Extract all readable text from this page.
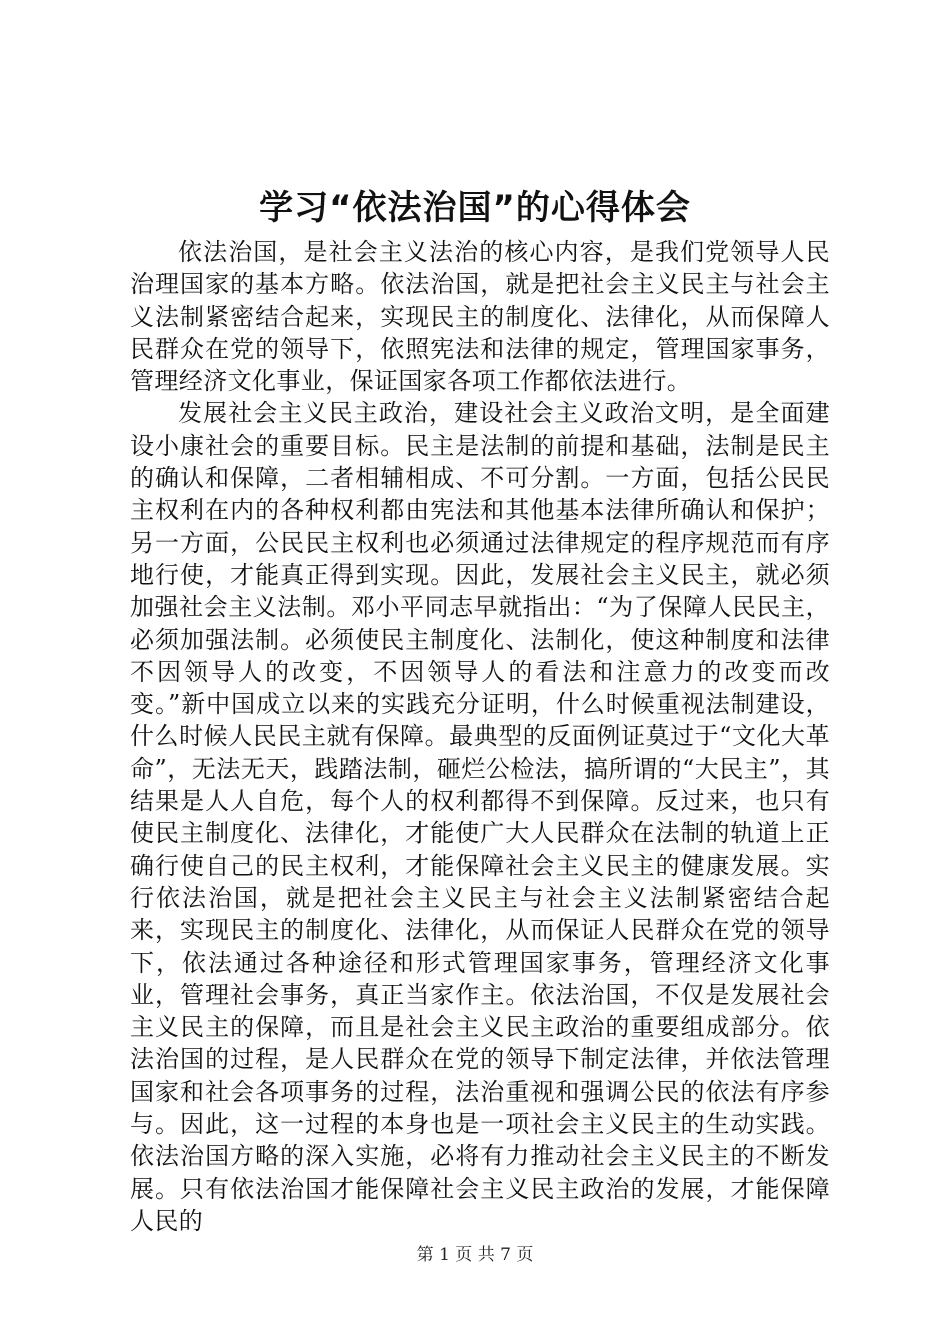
学习“依法治国”的心得体会

依法治国，是社会主义法治的核心内容，是我们党领导人民治理国家的基本方略。依法治国，就是把社会主义民主与社会主义法制紧密结合起来，实现民主的制度化、法律化，从而保障人民群众在党的领导下，依照宪法和法律的规定，管理国家事务，管理经济文化事业，保证国家各项工作都依法进行。

发展社会主义民主政治，建设社会主义政治文明，是全面建设小康社会的重要目标。民主是法制的前提和基础，法制是民主的确认和保障，二者相辅相成、不可分割。一方面，包括公民民主权利在内的各种权利都由宪法和其他基本法律所确认和保护；另一方面，公民民主权利也必须通过法律规定的程序规范而有序地行使，才能真正得到实现。因此，发展社会主义民主，就必须加强社会主义法制。邓小平同志早就指出：“为了保障人民民主，必须加强法制。必须使民主制度化、法制化，使这种制度和法律不因领导人的改变，不因领导人的看法和注意力的改变而改变。”新中国成立以来的实践充分证明，什么时候重视法制建设，什么时候人民民主就有保障。最典型的反面例证莫过于“文化大革命”，无法无天，践踏法制，砸烂公检法，搞所谓的“大民主”，其结果是人人自危，每个人的权利都得不到保障。反过来，也只有使民主制度化、法律化，才能使广大人民群众在法制的轨道上正确行使自己的民主权利，才能保障社会主义民主的健康发展。实行依法治国，就是把社会主义民主与社会主义法制紧密结合起来，实现民主的制度化、法律化，从而保证人民群众在党的领导下，依法通过各种途径和形式管理国家事务，管理经济文化事业，管理社会事务，真正当家作主。依法治国，不仅是发展社会主义民主的保障，而且是社会主义民主政治的重要组成部分。依法治国的过程，是人民群众在党的领导下制定法律，并依法管理国家和社会各项事务的过程，法治重视和强调公民的依法有序参与。因此，这一过程的本身也是一项社会主义民主的生动实践。依法治国方略的深入实施，必将有力推动社会主义民主的不断发展。只有依法治国才能保障社会主义民主政治的发展，才能保障人民的

第 1 页 共 7 页
